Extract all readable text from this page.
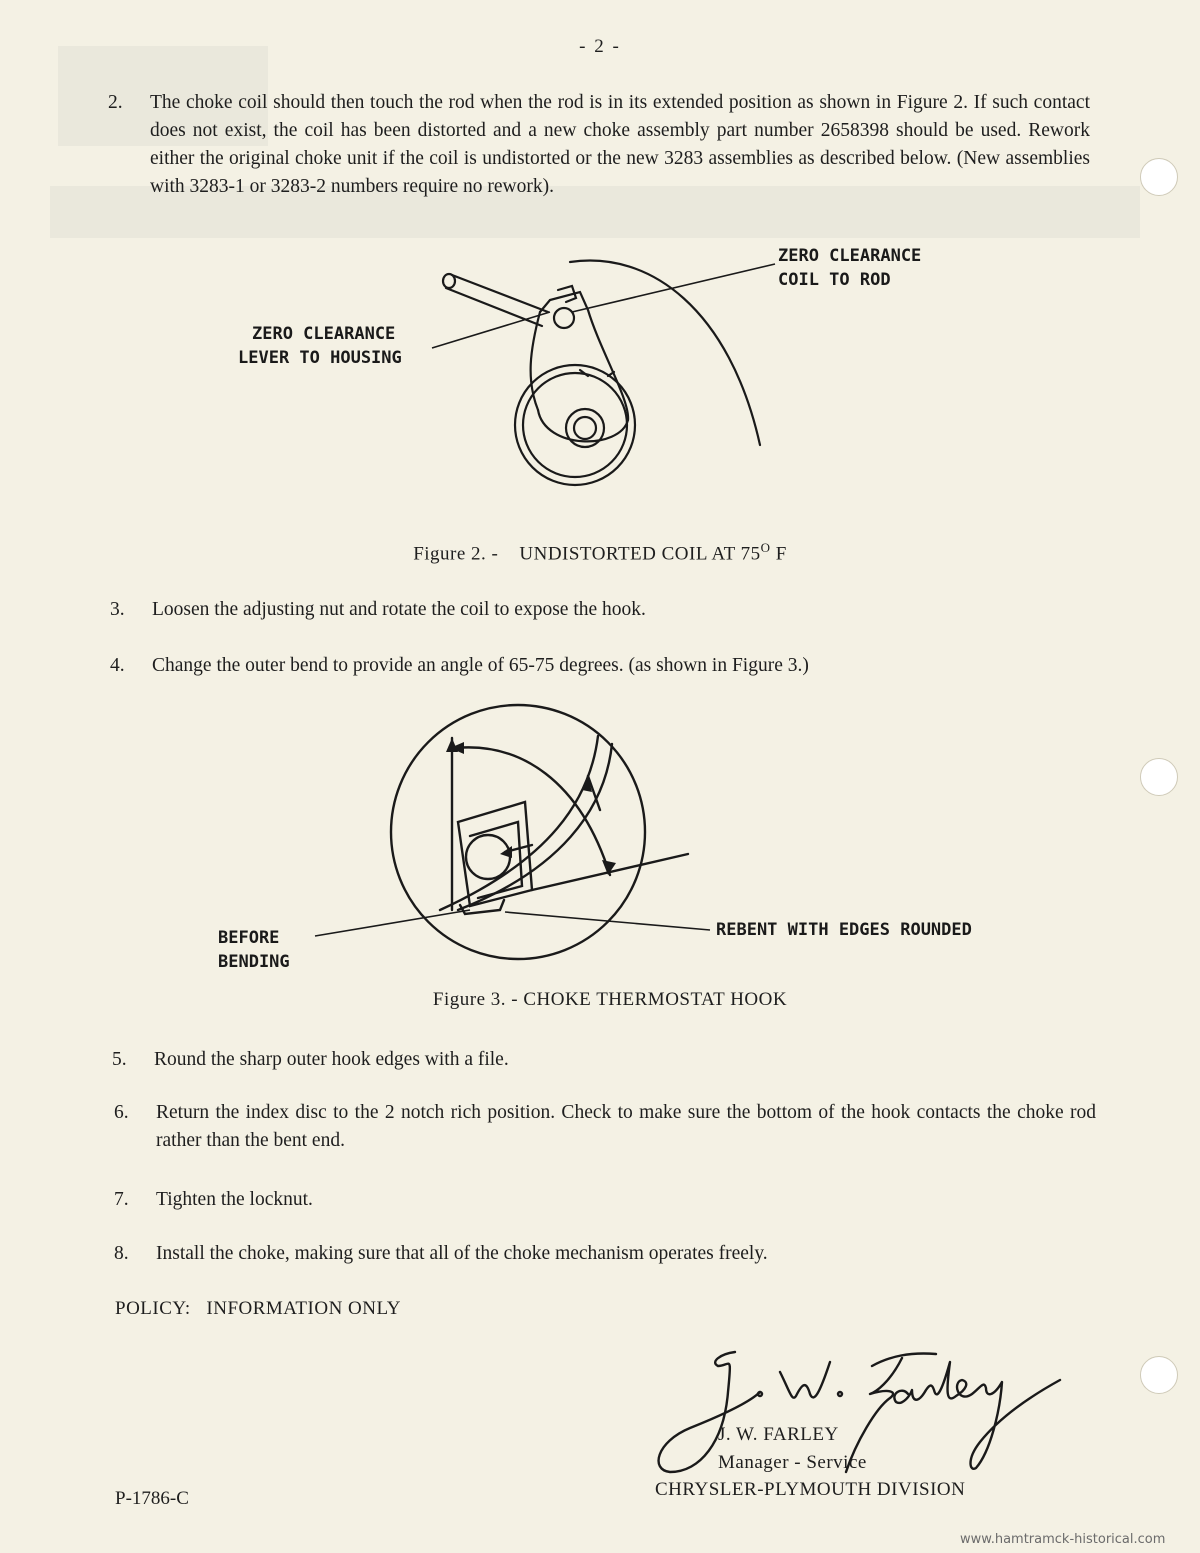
- 2 -
2. The choke coil should then touch the rod when the rod is in its extended position as shown in Figure 2. If such contact does not exist, the coil has been distorted and a new choke assembly part number 2658398 should be used. Rework either the original choke unit if the coil is undistorted or the new 3283 assemblies as described below. (New assemblies with 3283-1 or 3283-2 numbers require no rework).
ZERO CLEARANCE
COIL TO ROD
ZERO CLEARANCE
LEVER TO HOUSING
Figure 2. - UNDISTORTED COIL AT $75^O$ F
3. Loosen the adjusting nut and rotate the coil to expose the hook.
4. Change the outer bend to provide an angle of 65-75 degrees. (as shown in Figure 3.)
BEFORE
BENDING
REBENT WITH EDGES ROUNDED
Figure 3. - CHOKE THERMOSTAT HOOK
5. Round the sharp outer hook edges with a file.
6. Return the index disc to the 2 notch rich position. Check to make sure the bottom of the hook contacts the choke rod rather than the bent end.
7. Tighten the locknut.
8. Install the choke, making sure that all of the choke mechanism operates freely.
POLICY:   INFORMATION ONLY
J. W. FARLEY
Manager - Service
CHRYSLER-PLYMOUTH DIVISION
P-1786-C
www.hamtramck-historical.com
